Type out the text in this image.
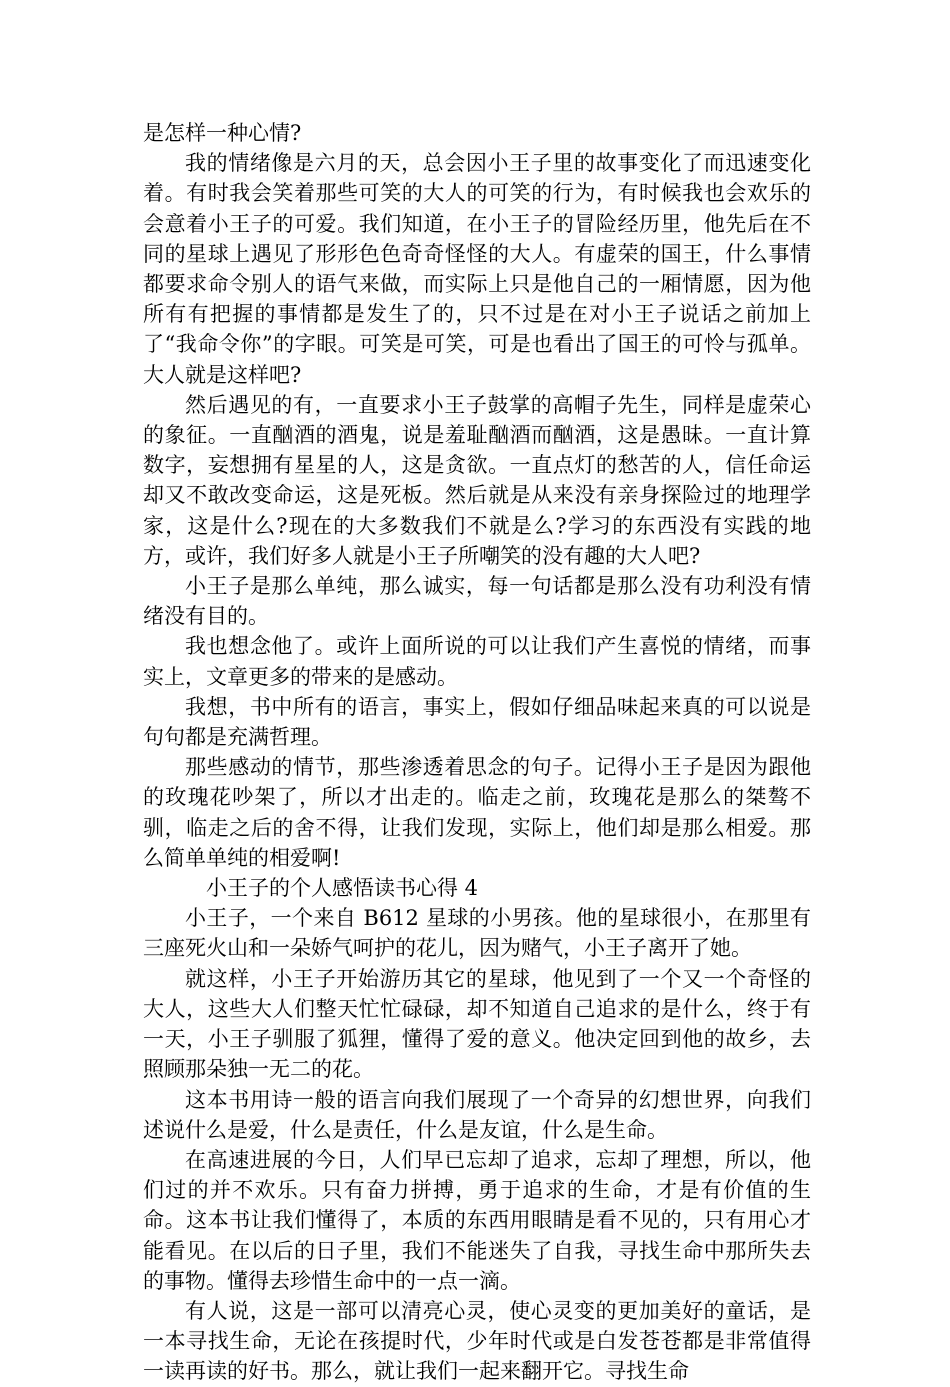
是怎样一种心情?

我的情绪像是六月的天，总会因小王子里的故事变化了而迅速变化着。有时我会笑着那些可笑的大人的可笑的行为，有时候我也会欢乐的会意着小王子的可爱。我们知道，在小王子的冒险经历里，他先后在不同的星球上遇见了形形色色奇奇怪怪的大人。有虚荣的国王，什么事情都要求命令别人的语气来做，而实际上只是他自己的一厢情愿，因为他所有有把握的事情都是发生了的，只不过是在对小王子说话之前加上了“我命令你”的字眼。可笑是可笑，可是也看出了国王的可怜与孤单。大人就是这样吧?

然后遇见的有，一直要求小王子鼓掌的高帽子先生，同样是虚荣心的象征。一直酗酒的酒鬼，说是羞耻酗酒而酗酒，这是愚昧。一直计算数字，妄想拥有星星的人，这是贪欲。一直点灯的愁苦的人，信任命运却又不敢改变命运，这是死板。然后就是从来没有亲身探险过的地理学家，这是什么?现在的大多数我们不就是么?学习的东西没有实践的地方，或许，我们好多人就是小王子所嘲笑的没有趣的大人吧?

小王子是那么单纯，那么诚实，每一句话都是那么没有功利没有情绪没有目的。

我也想念他了。或许上面所说的可以让我们产生喜悦的情绪，而事实上，文章更多的带来的是感动。

我想，书中所有的语言，事实上，假如仔细品味起来真的可以说是句句都是充满哲理。

那些感动的情节，那些渗透着思念的句子。记得小王子是因为跟他的玫瑰花吵架了，所以才出走的。临走之前，玫瑰花是那么的桀骜不驯，临走之后的舍不得，让我们发现，实际上，他们却是那么相爱。那么简单单纯的相爱啊!

小王子的个人感悟读书心得 4

小王子，一个来自 B612 星球的小男孩。他的星球很小，在那里有三座死火山和一朵娇气呵护的花儿，因为赌气，小王子离开了她。

就这样，小王子开始游历其它的星球，他见到了一个又一个奇怪的大人，这些大人们整天忙忙碌碌，却不知道自己追求的是什么，终于有一天，小王子驯服了狐狸，懂得了爱的意义。他决定回到他的故乡，去照顾那朵独一无二的花。

这本书用诗一般的语言向我们展现了一个奇异的幻想世界，向我们述说什么是爱，什么是责任，什么是友谊，什么是生命。

在高速进展的今日，人们早已忘却了追求，忘却了理想，所以，他们过的并不欢乐。只有奋力拼搏，勇于追求的生命，才是有价值的生命。这本书让我们懂得了，本质的东西用眼睛是看不见的，只有用心才能看见。在以后的日子里，我们不能迷失了自我，寻找生命中那所失去的事物。懂得去珍惜生命中的一点一滴。

有人说，这是一部可以清亮心灵，使心灵变的更加美好的童话，是一本寻找生命，无论在孩提时代，少年时代或是白发苍苍都是非常值得一读再读的好书。那么，就让我们一起来翻开它。寻找生命
